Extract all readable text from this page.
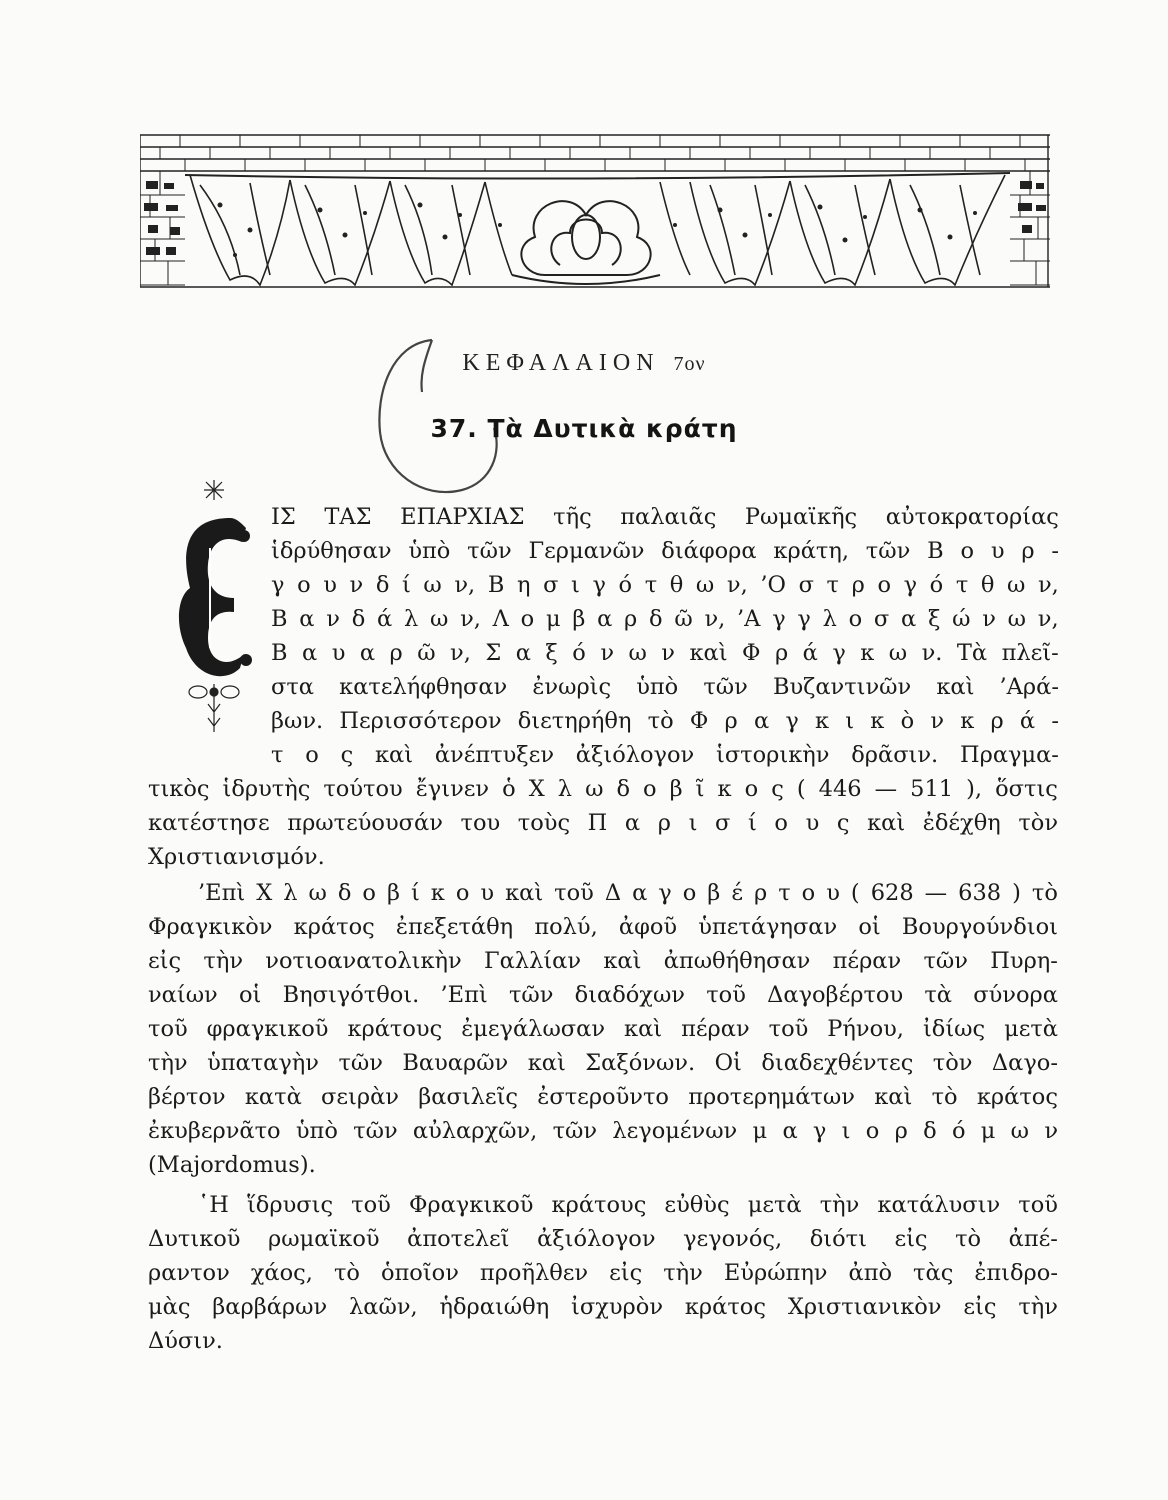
ΚΕΦΑΛΑΙΟΝ 7ον
37. Τὰ Δυτικὰ κράτη
ΙΣ ΤΑΣ ΕΠΑΡΧΙΑΣ τῆς παλαιᾶς Ρωμαϊκῆς αὐτοκρατορίας
ἱδρύθησαν ὑπὸ τῶν Γερμανῶν διάφορα κράτη, τῶν Β ο υ ρ -
γ ο υ ν δ ί ω ν, Β η σ ι γ ό τ θ ω ν, ’Ο σ τ ρ ο γ ό τ θ ω ν,
Β α ν δ ά λ ω ν, Λ ο μ β α ρ δ ῶ ν, ’Α γ γ λ ο σ α ξ ώ ν ω ν,
Β α υ α ρ ῶ ν, Σ α ξ ό ν ω ν καὶ Φ ρ ά γ κ ω ν. Τὰ πλεῖ-
στα κατελήφθησαν ἐνωρὶς ὑπὸ τῶν Βυζαντινῶν καὶ ’Αρά-
βων. Περισσότερον διετηρήθη τὸ Φ ρ α γ κ ι κ ὸ ν κ ρ ά -
τ ο ς καὶ ἀνέπτυξεν ἀξιόλογον ἱστορικὴν δρᾶσιν. Πραγμα-
τικὸς ἱδρυτὴς τούτου ἔγινεν ὁ Χ λ ω δ ο β ῖ κ ο ς ( 446 — 511 ), ὅστις
κατέστησε πρωτεύουσάν του τοὺς Π α ρ ι σ ί ο υ ς καὶ ἐδέχθη τὸν
Χριστιανισμόν.
’Επὶ Χ λ ω δ ο β ί κ ο υ καὶ τοῦ Δ α γ ο β έ ρ τ ο υ ( 628 — 638 ) τὸ
Φραγκικὸν κράτος ἐπεξετάθη πολύ, ἀφοῦ ὑπετάγησαν οἱ Βουργούνδιοι
εἰς τὴν νοτιοανατολικὴν Γαλλίαν καὶ ἀπωθήθησαν πέραν τῶν Πυρη-
ναίων οἱ Βησιγότθοι. ’Επὶ τῶν διαδόχων τοῦ Δαγοβέρτου τὰ σύνορα
τοῦ φραγκικοῦ κράτους ἐμεγάλωσαν καὶ πέραν τοῦ Ρήνου, ἰδίως μετὰ
τὴν ὑπαταγὴν τῶν Βαυαρῶν καὶ Σαξόνων. Οἱ διαδεχθέντες τὸν Δαγο-
βέρτον κατὰ σειρὰν βασιλεῖς ἐστεροῦντο προτερημάτων καὶ τὸ κράτος
ἐκυβερνᾶτο ὑπὸ τῶν αὐλαρχῶν, τῶν λεγομένων μ α γ ι ο ρ δ ό μ ω ν
( Major domus ).
῾Η ἵδρυσις τοῦ Φραγκικοῦ κράτους εὐθὺς μετὰ τὴν κατάλυσιν τοῦ
Δυτικοῦ ρωμαϊκοῦ ἀποτελεῖ ἀξιόλογον γεγονός, διότι εἰς τὸ ἀπέ-
ραντον χάος, τὸ ὁποῖον προῆλθεν εἰς τὴν Εὐρώπην ἀπὸ τὰς ἐπιδρο-
μὰς βαρβάρων λαῶν, ἡδραιώθη ἰσχυρὸν κράτος Χριστιανικὸν εἰς τὴν
Δύσιν.
